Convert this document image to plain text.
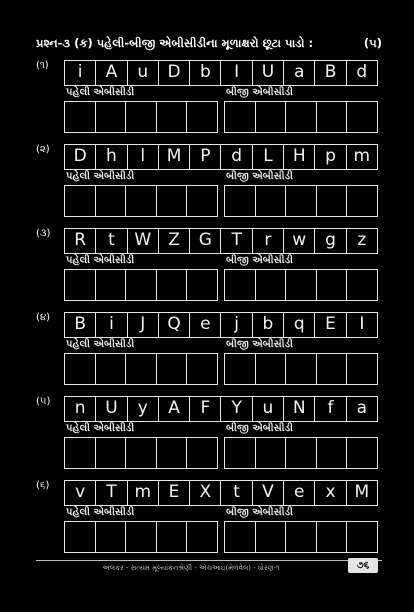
પ્રશ્ન-૩ (ક) પહેલી-બીજી એબીસીડીના મૂળાક્ષરો છૂટા પાડો :	(૫)
(૧)	i	A	u	D	b	I	U	a	B	d
પહેલી એબીસીડી	બીજી એબીસીડી
(૨)	D	h	l	M	P	d	L	H	p	m
પહેલી એબીસીડી	બીજી એબીસીડી
(૩)	R	t	W	Z	G	T	r	w	g	z
પહેલી એબીસીડી	બીજી એબીસીડી
(૪)	B	i	J	Q	e	j	b	q	E	I
પહેલી એબીસીડી	બીજી એબીસીડી
(૫)	n	U	y	A	F	Y	u	N	f	a
પહેલી એબીસીડી	બીજી એબીસીડી
(૬)	v	T	m	E	X	t	V	e	x	M
પહેલી એબીસીડી	બીજી એબીસીડી
અલકર - સત્યમ મૂલ્યાંકનશ્રેણી - એચઆઇ(મેળવેલ) - ધોરણ-૧	૭૬
